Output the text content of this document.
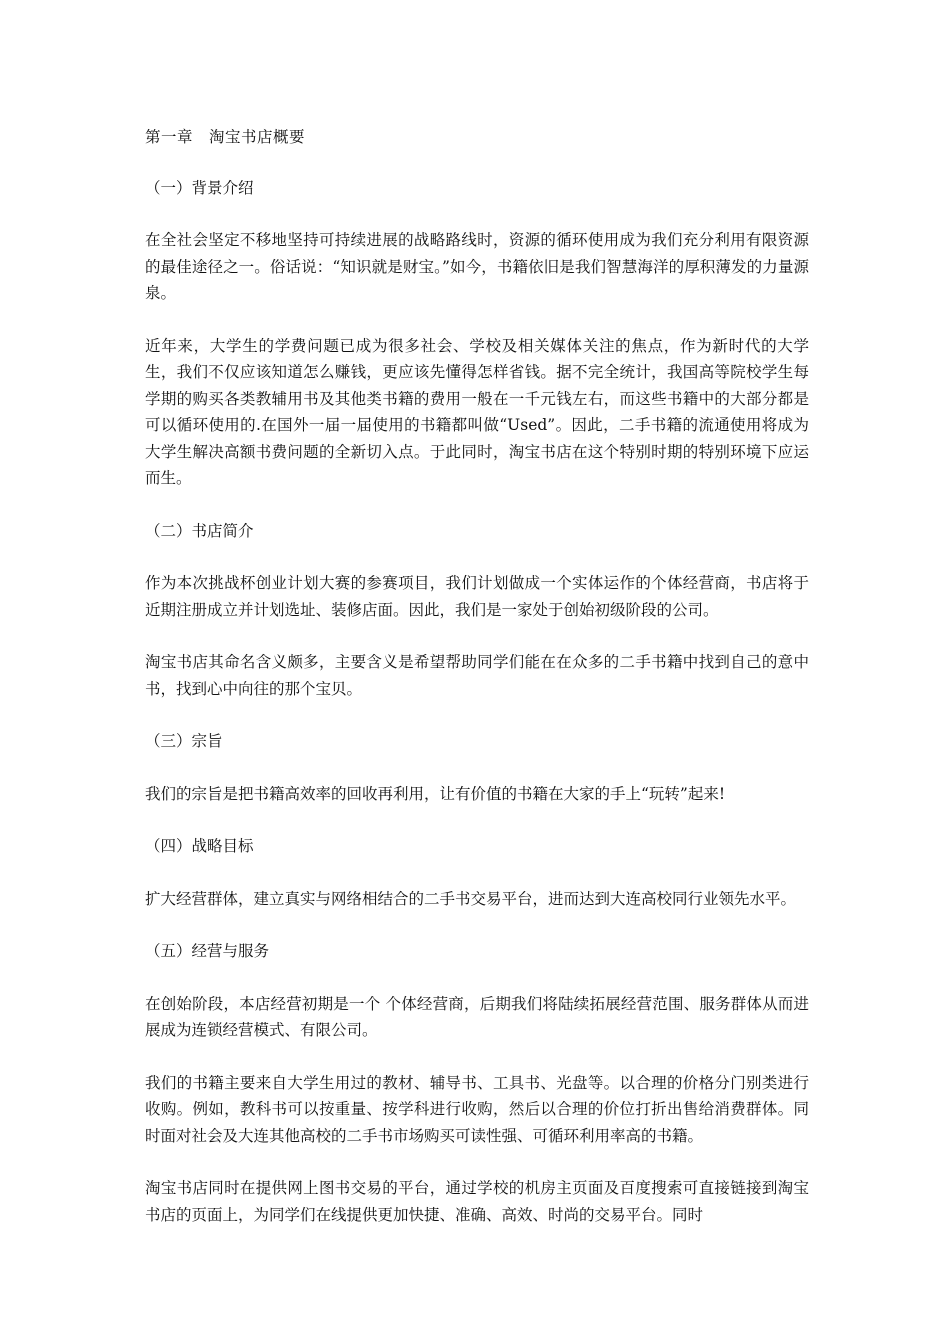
第一章　淘宝书店概要
（一）背景介绍

在全社会坚定不移地坚持可持续进展的战略路线时，资源的循环使用成为我们充分利用有限资源的最佳途径之一。俗话说：“知识就是财宝。”如今，书籍依旧是我们智慧海洋的厚积薄发的力量源泉。

近年来，大学生的学费问题已成为很多社会、学校及相关媒体关注的焦点，作为新时代的大学生，我们不仅应该知道怎么赚钱，更应该先懂得怎样省钱。据不完全统计，我国高等院校学生每学期的购买各类教辅用书及其他类书籍的费用一般在一千元钱左右，而这些书籍中的大部分都是可以循环使用的.在国外一届一届使用的书籍都叫做“Used”。因此，二手书籍的流通使用将成为大学生解决高额书费问题的全新切入点。于此同时，淘宝书店在这个特别时期的特别环境下应运而生。

（二）书店简介

作为本次挑战杯创业计划大赛的参赛项目，我们计划做成一个实体运作的个体经营商，书店将于近期注册成立并计划选址、装修店面。因此，我们是一家处于创始初级阶段的公司。

淘宝书店其命名含义颇多，主要含义是希望帮助同学们能在在众多的二手书籍中找到自己的意中书，找到心中向往的那个宝贝。

（三）宗旨

我们的宗旨是把书籍高效率的回收再利用，让有价值的书籍在大家的手上“玩转”起来!

（四）战略目标

扩大经营群体，建立真实与网络相结合的二手书交易平台，进而达到大连高校同行业领先水平。

（五）经营与服务

在创始阶段，本店经营初期是一个 个体经营商，后期我们将陆续拓展经营范围、服务群体从而进展成为连锁经营模式、有限公司。

我们的书籍主要来自大学生用过的教材、辅导书、工具书、光盘等。以合理的价格分门别类进行收购。例如，教科书可以按重量、按学科进行收购，然后以合理的价位打折出售给消费群体。同时面对社会及大连其他高校的二手书市场购买可读性强、可循环利用率高的书籍。

淘宝书店同时在提供网上图书交易的平台，通过学校的机房主页面及百度搜索可直接链接到淘宝书店的页面上，为同学们在线提供更加快捷、准确、高效、时尚的交易平台。同时
